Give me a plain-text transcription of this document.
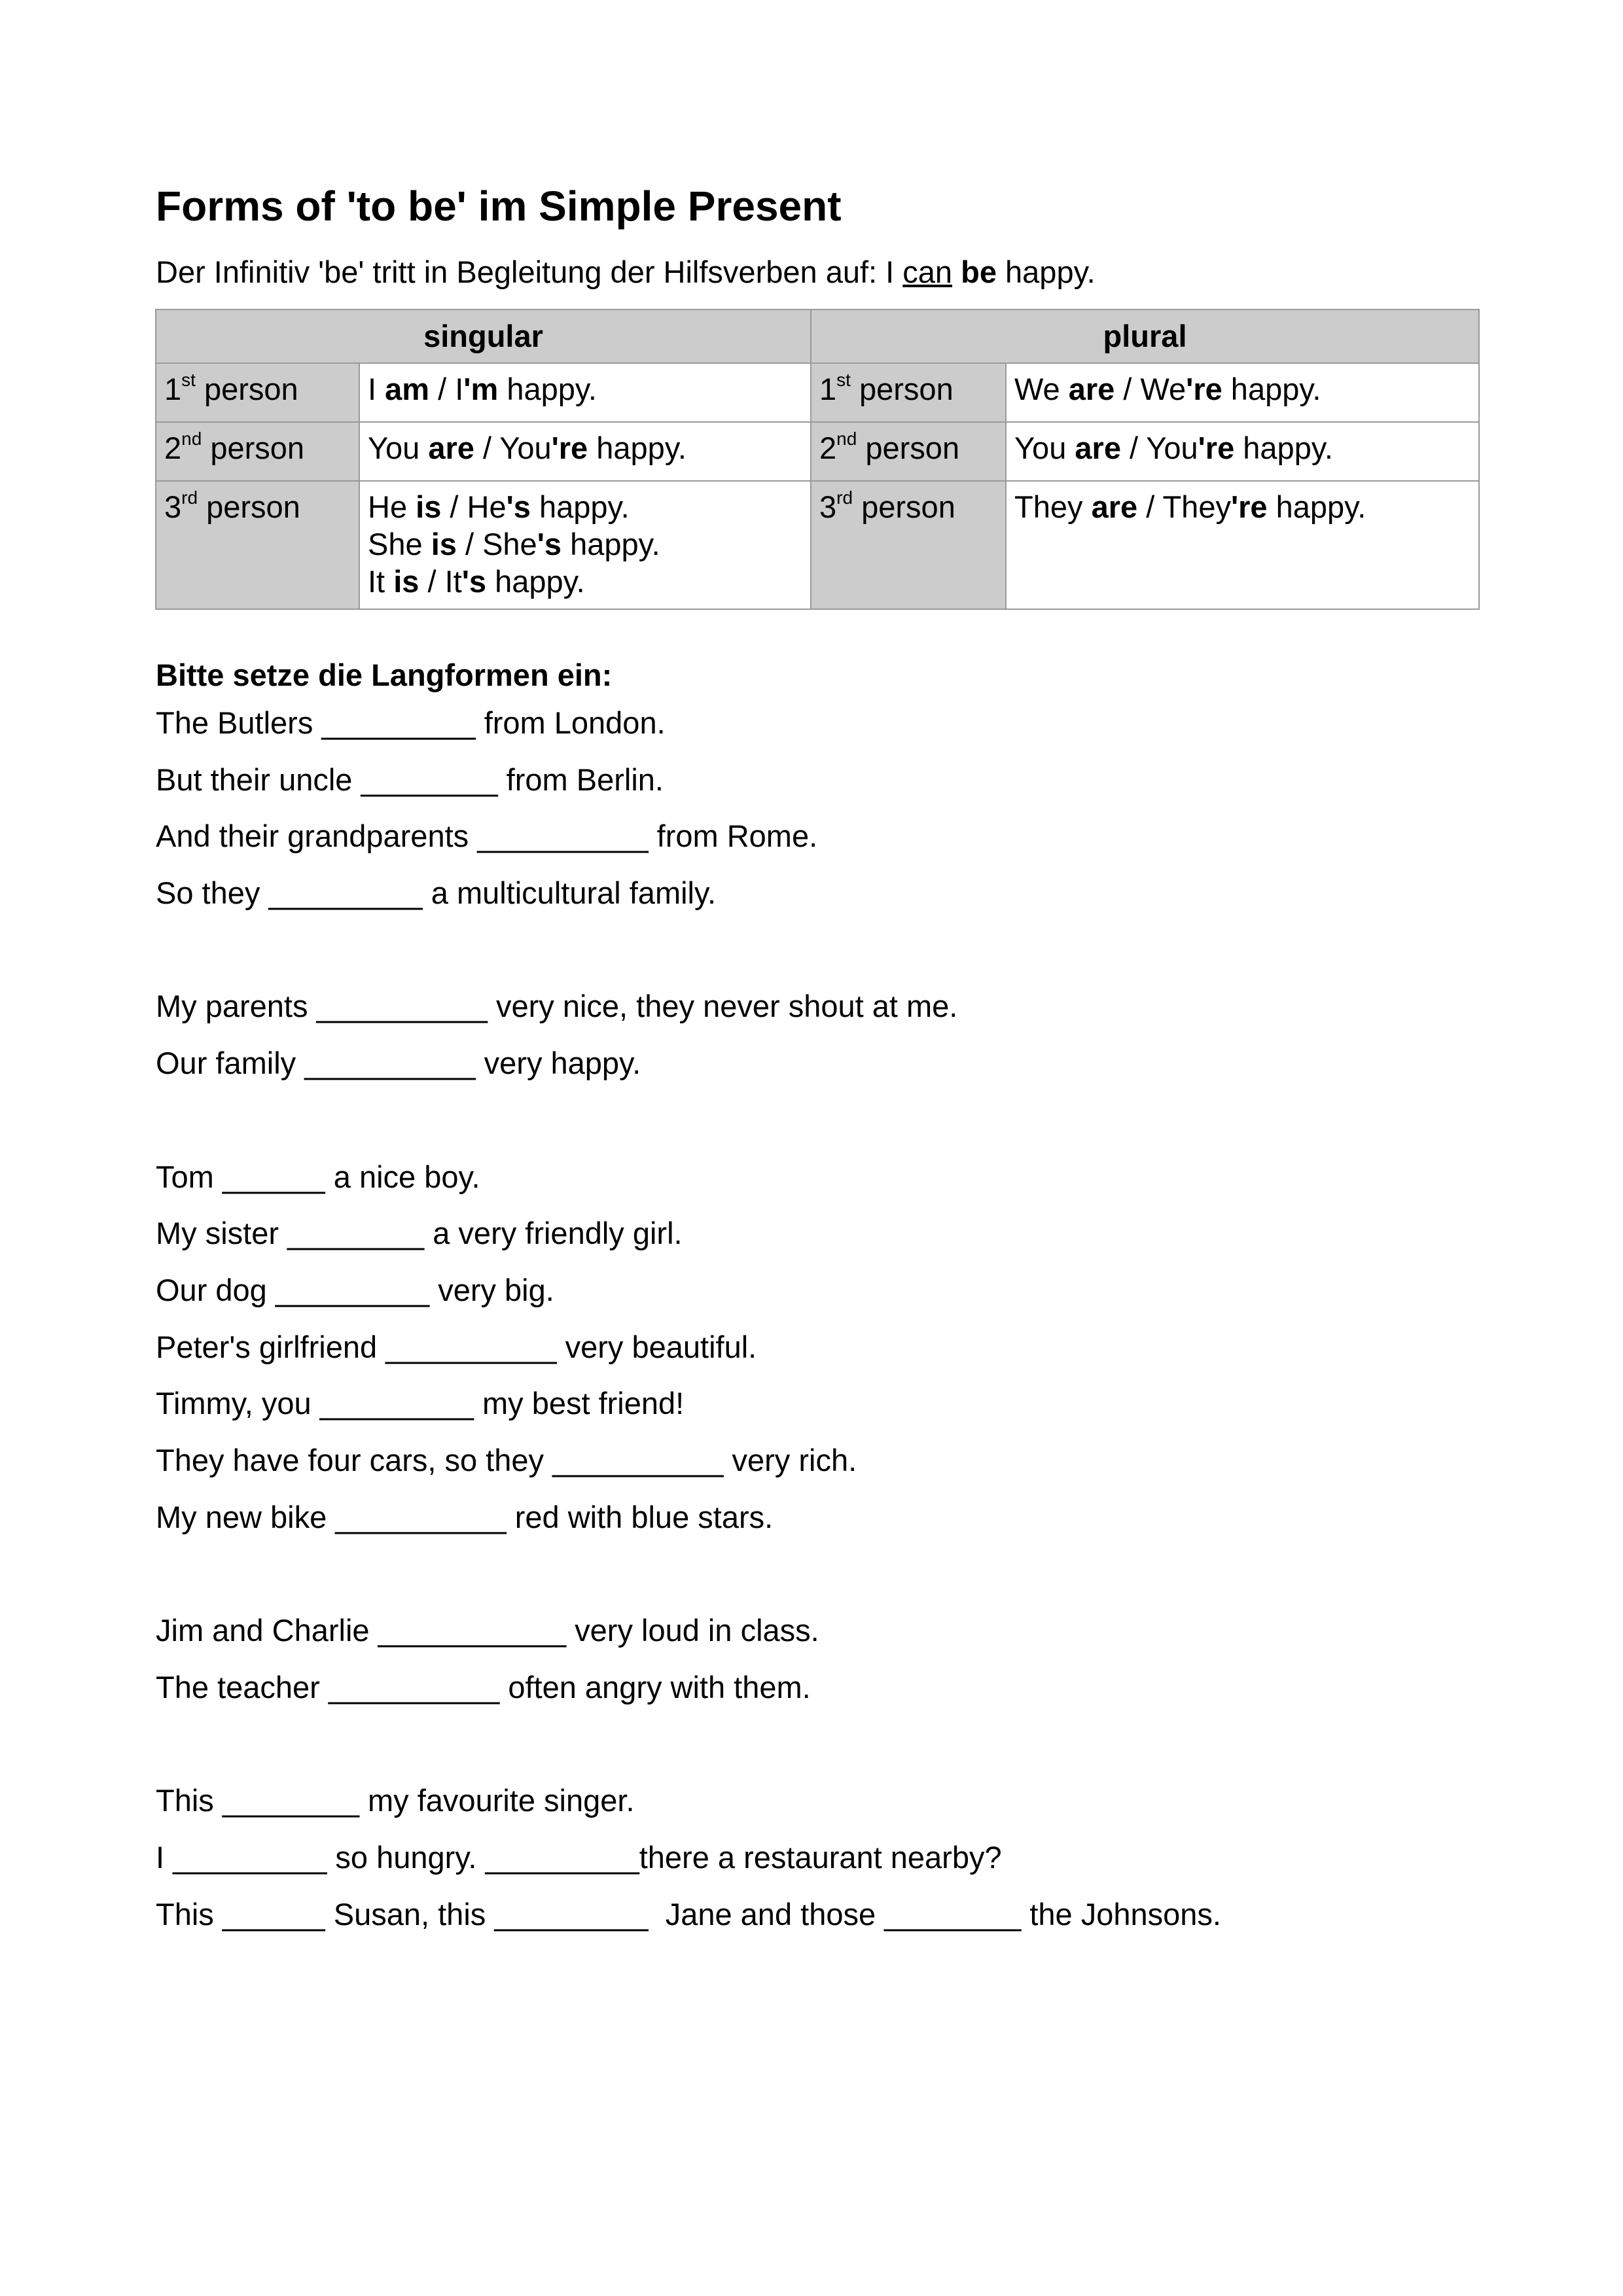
Forms of 'to be' im Simple Present
Der Infinitiv 'be' tritt in Begleitung der Hilfsverben auf: I can be happy.
singular		plural	
1st person	I am / I'm happy.	1st person	We are / We're happy.

2nd person	You are / You're happy.	2nd person	You are / You're happy.

3rd person	He is / He's happy.
She is / She's happy.
It is / It's happy.	3rd person	They are / They're happy.
Bitte setze die Langformen ein:
The Butlers _________ from London.
But their uncle ________ from Berlin.
And their grandparents __________ from Rome.
So they _________ a multicultural family.
My parents __________ very nice, they never shout at me.
Our family __________ very happy.
Tom ______ a nice boy.
My sister ________ a very friendly girl.
Our dog _________ very big.
Peter's girlfriend __________ very beautiful.
Timmy, you _________ my best friend!
They have four cars, so they __________ very rich.
My new bike __________ red with blue stars.
Jim and Charlie ___________ very loud in class.
The teacher __________ often angry with them.
This ________ my favourite singer.
I _________ so hungry. _________there a restaurant nearby?
This ______ Susan, this _________  Jane and those ________ the Johnsons.
